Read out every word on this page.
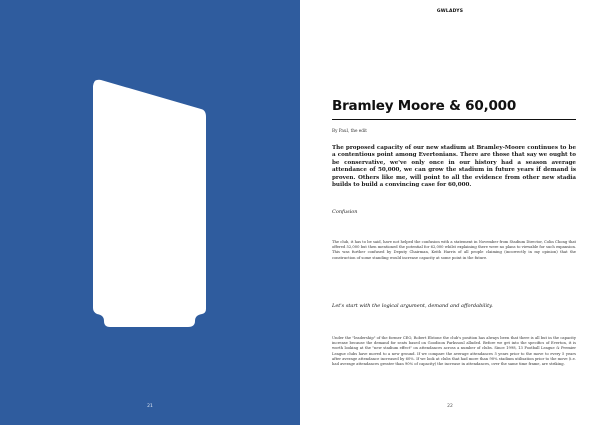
21
GWLADYS
Bramley Moore & 60,000
By Paul, the edit
The proposed capacity of our new stadium at Bramley-Moore continues to be a contentious point among Evertonians. There are those that say we ought to be conservative, we've only once in our history had a season average attendance of 50,000, we can grow the stadium in future years if demand is proven. Others like me, will point to all the evidence from other new stadia builds to build a convincing case for 60,000.
Confusion
The club, it has to be said, have not helped the confusion with a statement in November from Stadium Director, Colin Chong that offered 52,000 but then mentioned the potential for 62,000 whilst explaining there were no plans to viewable for such expansion. This was further confused by Deputy Chairman, Keith Harris of all people claiming (incorrectly in my opinion) that the construction of some standing would increase capacity at some point in the future.
Let's start with the logical argument, demand and affordability.
Under the "leadership" of the former CEO, Robert Elstone the club's position has always been that there is all but in the capacity increase because the demand for seats based on Goodison Parkssoul alluded. Before we get into the specifics of Everton, it is worth looking at the "new stadium effect" on attendances across a number of clubs. Since 1998, 13 Football League & Premier League clubs have moved to a new ground. If we compare the average attendances 5 years prior to the move to every 5 years after average attendance increased by 60%. If we look at clubs that had more than 90% stadium utilisation prior to the move (i.e. had average attendances greater than 90% of capacity) the increase in attendances, over the same time frame, are striking.
22
